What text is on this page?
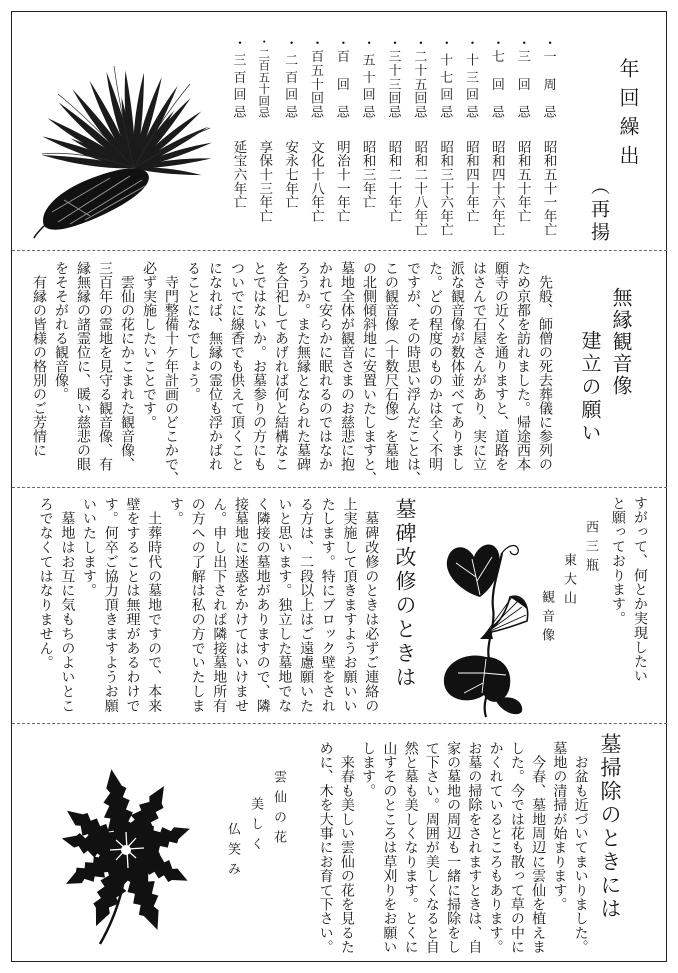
年回繰出
（再揚
・一　周　忌
昭和五十一年亡
・三　回　忌
昭和五十年亡
・七　回　忌
昭和四十六年亡
・十三回忌
昭和四十年亡
・十七回忌
昭和三十六年亡
・二十五回忌
昭和二十八年亡
・三十三回忌
昭和二十年亡
・五十回忌
昭和三年亡
・百　回　忌
明治十一年亡
・百五十回忌
文化十八年亡
・二百回忌
安永七年亡
・二百五十回忌
享保十三年亡
・三百回忌
延宝六年亡
無縁観音像
建立の願い
　先般、師僧の死去葬儀に参列の
ため京都を訪れました。帰途西本
願寺の近くを通りますと、道路を
はさんで石屋さんがあり、実に立
派な観音像が数体並べてありまし
た。どの程度のものかは全く不明
ですが、その時思い浮んだことは、
この観音像（十数尺石像）を墓地
の北側傾斜地に安置いたしますと、
墓地全体が観音さまのお慈悲に抱
かれて安らかに眠れるのではなか
ろうか。また無縁となられた墓碑
を合祀してあげれば何と結構なこ
とではないか。お墓参りの方にも
ついでに線香でも供えて頂くこと
になれば、無縁の霊位も浮かばれ
ることになでしょう。
　寺門整備十ケ年計画のどこかで、
必ず実施したいことです。
　雲仙の花にかこまれた観音像、
三百年の霊地を見守る観音像、有
縁無縁の諸霊位に、暖い慈悲の眼
をそそがれる観音像。
　有縁の皆様の格別のご芳情に
すがって、何とか実現したい
と願っております。
西三瓶
東大山
観音像
墓碑改修のときは
　墓碑改修のときは必ずご連絡の
上実施して頂きますようお願いい
たします。特にブロック壁をされ
る方は、二段以上はご遠慮願いた
いと思います。独立した墓地でな
く隣接の墓地がありますので、隣
接墓地に迷惑をかけてはいけませ
ん。申し出下されば隣接墓地所有
の方への了解は私の方でいたしま
す。
　土葬時代の墓地ですので、本来
壁をすることは無理があるわけで
す。何卒ご協力頂きますようお願
いいたします。
　墓地はお互に気もちのよいとこ
ろでなくてはなりません。
墓掃除のときには
　お盆も近づいてまいりました。
墓地の清掃が始まります。
　今春、墓地周辺に雲仙を植えま
した。今では花も散って草の中に
かくれているところもあります。
お墓の掃除をされますときは、自
家の墓地の周辺も一緒に掃除をし
て下さい。周囲が美しくなると自
然と墓も美しくなります。とくに
山すそのところは草刈りをお願い
します。
　来春も美しい雲仙の花を見るた
めに、木を大事にお育て下さい。
雲仙の花
美しく
仏笑み
